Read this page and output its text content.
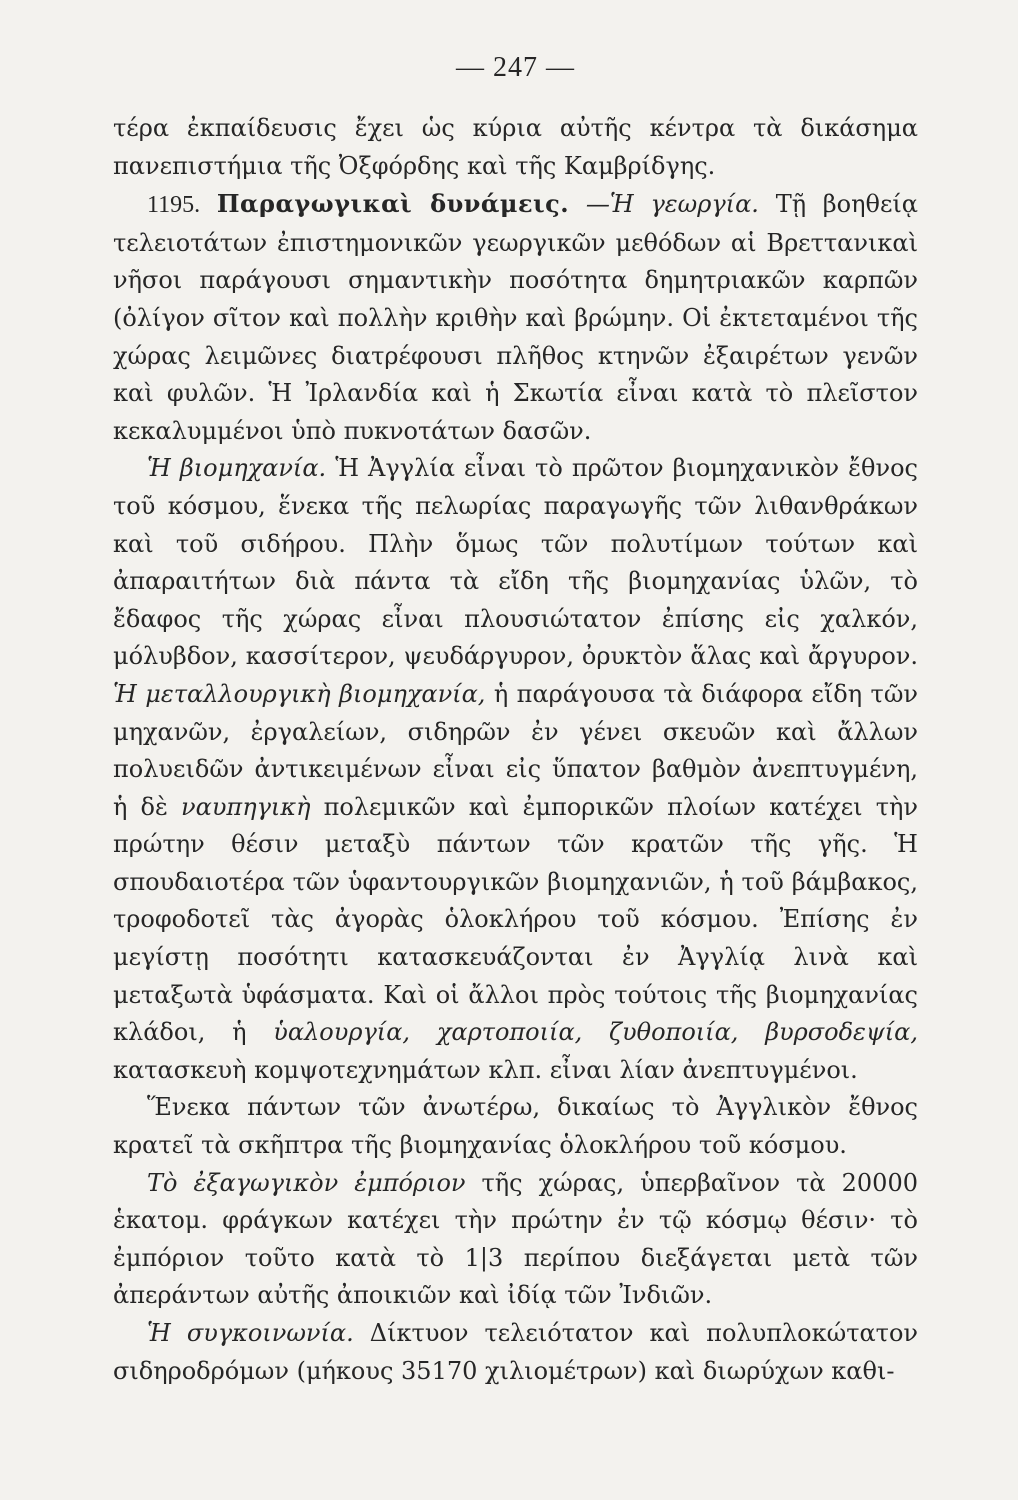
— 247 —

τέρα ἐκπαίδευσις ἔχει ὡς κύρια αὐτῆς κέντρα τὰ δικάσημα πανεπιστήμια τῆς Ὀξφόρδης καὶ τῆς Καμβρίδγης.

1195. Παραγωγικαὶ δυνάμεις. —Ἡ γεωργία. Τῇ βοηθείᾳ τελειοτάτων ἐπιστημονικῶν γεωργικῶν μεθόδων αἱ Βρεττανικαὶ νῆσοι παράγουσι σημαντικὴν ποσότητα δημητριακῶν καρπῶν (ὀλίγον σῖτον καὶ πολλὴν κριθὴν καὶ βρώμην. Οἱ ἐκτεταμένοι τῆς χώρας λειμῶνες διατρέφουσι πλῆθος κτηνῶν ἐξαιρέτων γενῶν καὶ φυλῶν. Ἡ Ἰρλανδία καὶ ἡ Σκωτία εἶναι κατὰ τὸ πλεῖστον κεκαλυμμένοι ὑπὸ πυκνοτάτων δασῶν.

Ἡ βιομηχανία. Ἡ Ἀγγλία εἶναι τὸ πρῶτον βιομηχανικὸν ἔθνος τοῦ κόσμου, ἕνεκα τῆς πελωρίας παραγωγῆς τῶν λιθανθράκων καὶ τοῦ σιδήρου. Πλὴν ὅμως τῶν πολυτίμων τούτων καὶ ἀπαραιτήτων διὰ πάντα τὰ εἴδη τῆς βιομηχανίας ὑλῶν, τὸ ἔδαφος τῆς χώρας εἶναι πλουσιώτατον ἐπίσης εἰς χαλκόν, μόλυβδον, κασσίτερον, ψευδάργυρον, ὀρυκτὸν ἅλας καὶ ἄργυρον. Ἡ μεταλλουργικὴ βιομηχανία, ἡ παράγουσα τὰ διάφορα εἴδη τῶν μηχανῶν, ἐργαλείων, σιδηρῶν ἐν γένει σκευῶν καὶ ἄλλων πολυειδῶν ἀντικειμένων εἶναι εἰς ὕπατον βαθμὸν ἀνεπτυγμένη, ἡ δὲ ναυπηγικὴ πολεμικῶν καὶ ἐμπορικῶν πλοίων κατέχει τὴν πρώτην θέσιν μεταξὺ πάντων τῶν κρατῶν τῆς γῆς. Ἡ σπουδαιοτέρα τῶν ὑφαντουργικῶν βιομηχανιῶν, ἡ τοῦ βάμβακος, τροφοδοτεῖ τὰς ἀγορὰς ὁλοκλήρου τοῦ κόσμου. Ἐπίσης ἐν μεγίστῃ ποσότητι κατασκευάζονται ἐν Ἀγγλίᾳ λινὰ καὶ μεταξωτὰ ὑφάσματα. Καὶ οἱ ἄλλοι πρὸς τούτοις τῆς βιομηχανίας κλάδοι, ἡ ὑαλουργία, χαρτοποιία, ζυθοποιία, βυρσοδεψία, κατασκευὴ κομψοτεχνημάτων κλπ. εἶναι λίαν ἀνεπτυγμένοι.

Ἕνεκα πάντων τῶν ἀνωτέρω, δικαίως τὸ Ἀγγλικὸν ἔθνος κρατεῖ τὰ σκῆπτρα τῆς βιομηχανίας ὁλοκλήρου τοῦ κόσμου.

Τὸ ἐξαγωγικὸν ἐμπόριον τῆς χώρας, ὑπερβαῖνον τὰ 20000 ἑκατομ. φράγκων κατέχει τὴν πρώτην ἐν τῷ κόσμῳ θέσιν· τὸ ἐμπόριον τοῦτο κατὰ τὸ 1|3 περίπου διεξάγεται μετὰ τῶν ἀπεράντων αὐτῆς ἀποικιῶν καὶ ἰδίᾳ τῶν Ἰνδιῶν.

Ἡ συγκοινωνία. Δίκτυον τελειότατον καὶ πολυπλοκώτατον σιδηροδρόμων (μήκους 35170 χιλιομέτρων) καὶ διωρύχων καθι-
